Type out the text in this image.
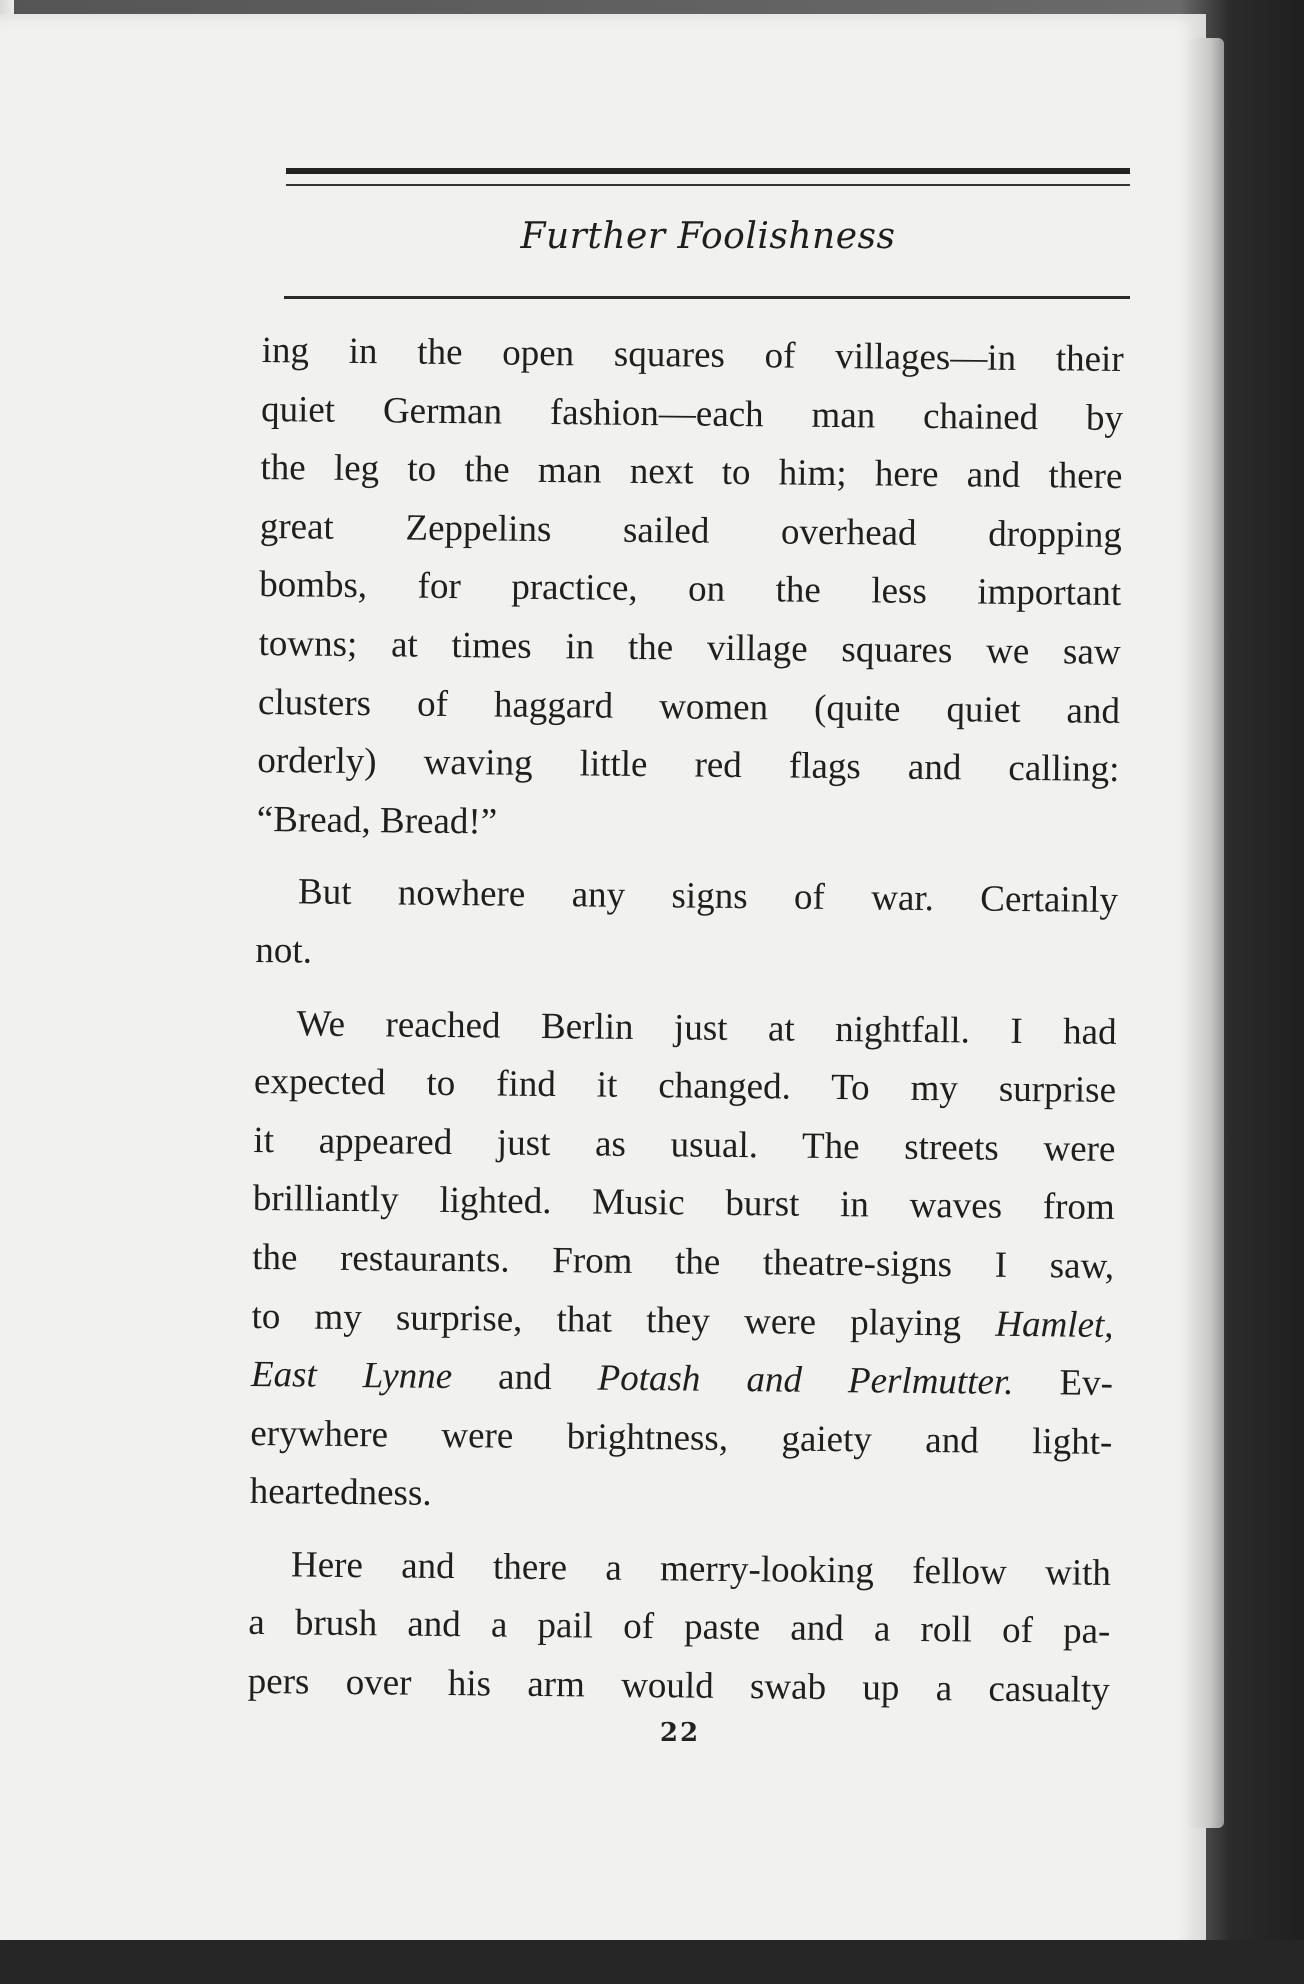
Further Foolishness

ing in the open squares of villages—in their
quiet German fashion—each man chained by
the leg to the man next to him; here and there
great Zeppelins sailed overhead dropping
bombs, for practice, on the less important
towns; at times in the village squares we saw
clusters of haggard women (quite quiet and
orderly) waving little red flags and calling:
“Bread, Bread!”

But nowhere any signs of war. Certainly
not.

We reached Berlin just at nightfall. I had
expected to find it changed. To my surprise
it appeared just as usual. The streets were
brilliantly lighted. Music burst in waves from
the restaurants. From the theatre-signs I saw,
to my surprise, that they were playing Hamlet,
East Lynne and Potash and Perlmutter. Ev-
erywhere were brightness, gaiety and light-
heartedness.

Here and there a merry-looking fellow with
a brush and a pail of paste and a roll of pa-
pers over his arm would swab up a casualty

22
